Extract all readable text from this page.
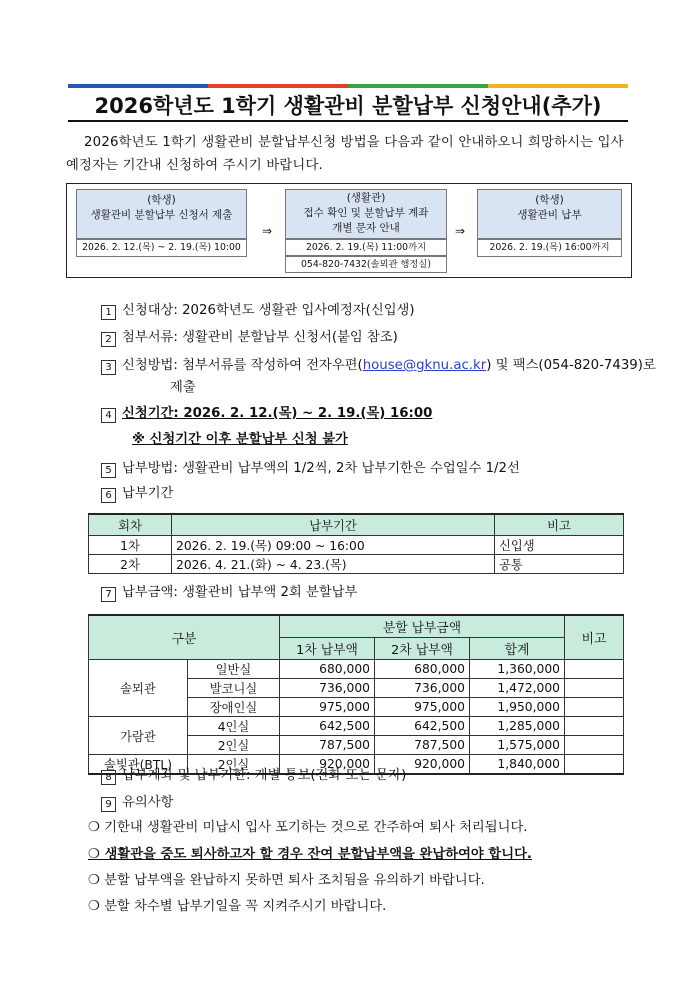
2026학년도 1학기 생활관비 분할납부 신청안내(추가)
2026학년도 1학기 생활관비 분할납부신청 방법을 다음과 같이 안내하오니 희망하시는 입사예정자는 기간내 신청하여 주시기 바랍니다.
(학생)
생활관비 분할납부 신청서 제출
2026. 2. 12.(목) ~ 2. 19.(목) 10:00
⇒
(생활관)
접수 확인 및 분할납부 계좌
개별 문자 안내
2026. 2. 19.(목) 11:00까지
054-820-7432(솔뫼관 행정실)
⇒
(학생)
생활관비 납부
2026. 2. 19.(목) 16:00까지
1 신청대상: 2026학년도 생활관 입사예정자(신입생)
2 첨부서류: 생활관비 분할납부 신청서(붙임 참조)
3 신청방법: 첨부서류를 작성하여 전자우편(house@gknu.ac.kr) 및 팩스(054-820-7439)로
제출
4 신청기간: 2026. 2. 12.(목) ~ 2. 19.(목) 16:00
※ 신청기간 이후 분할납부 신청 불가
5 납부방법: 생활관비 납부액의 1/2씩, 2차 납부기한은 수업일수 1/2선
6 납부기간
회차	납부기간	비고
1차	2026. 2. 19.(목) 09:00 ~ 16:00	신입생
2차	2026. 4. 21.(화) ~ 4. 23.(목)	공통
7 납부금액: 생활관비 납부액 2회 분할납부
구분		분할 납부금액			비고
		1차 납부액	2차 납부액	합계	
솔뫼관	일반실	680,000	680,000	1,360,000	
	발코니실	736,000	736,000	1,472,000	
	장애인실	975,000	975,000	1,950,000	
가람관	4인실	642,500	642,500	1,285,000	
	2인실	787,500	787,500	1,575,000	
솔빛관(BTL)	2인실	920,000	920,000	1,840,000	
8 납부계좌 및 납부기한: 개별 통보(전화 또는 문자)
9 유의사항
❍ 기한내 생활관비 미납시 입사 포기하는 것으로 간주하여 퇴사 처리됩니다.
❍ 생활관을 중도 퇴사하고자 할 경우 잔여 분할납부액을 완납하여야 합니다.
❍ 분할 납부액을 완납하지 못하면 퇴사 조치됨을 유의하기 바랍니다.
❍ 분할 차수별 납부기일을 꼭 지켜주시기 바랍니다.
